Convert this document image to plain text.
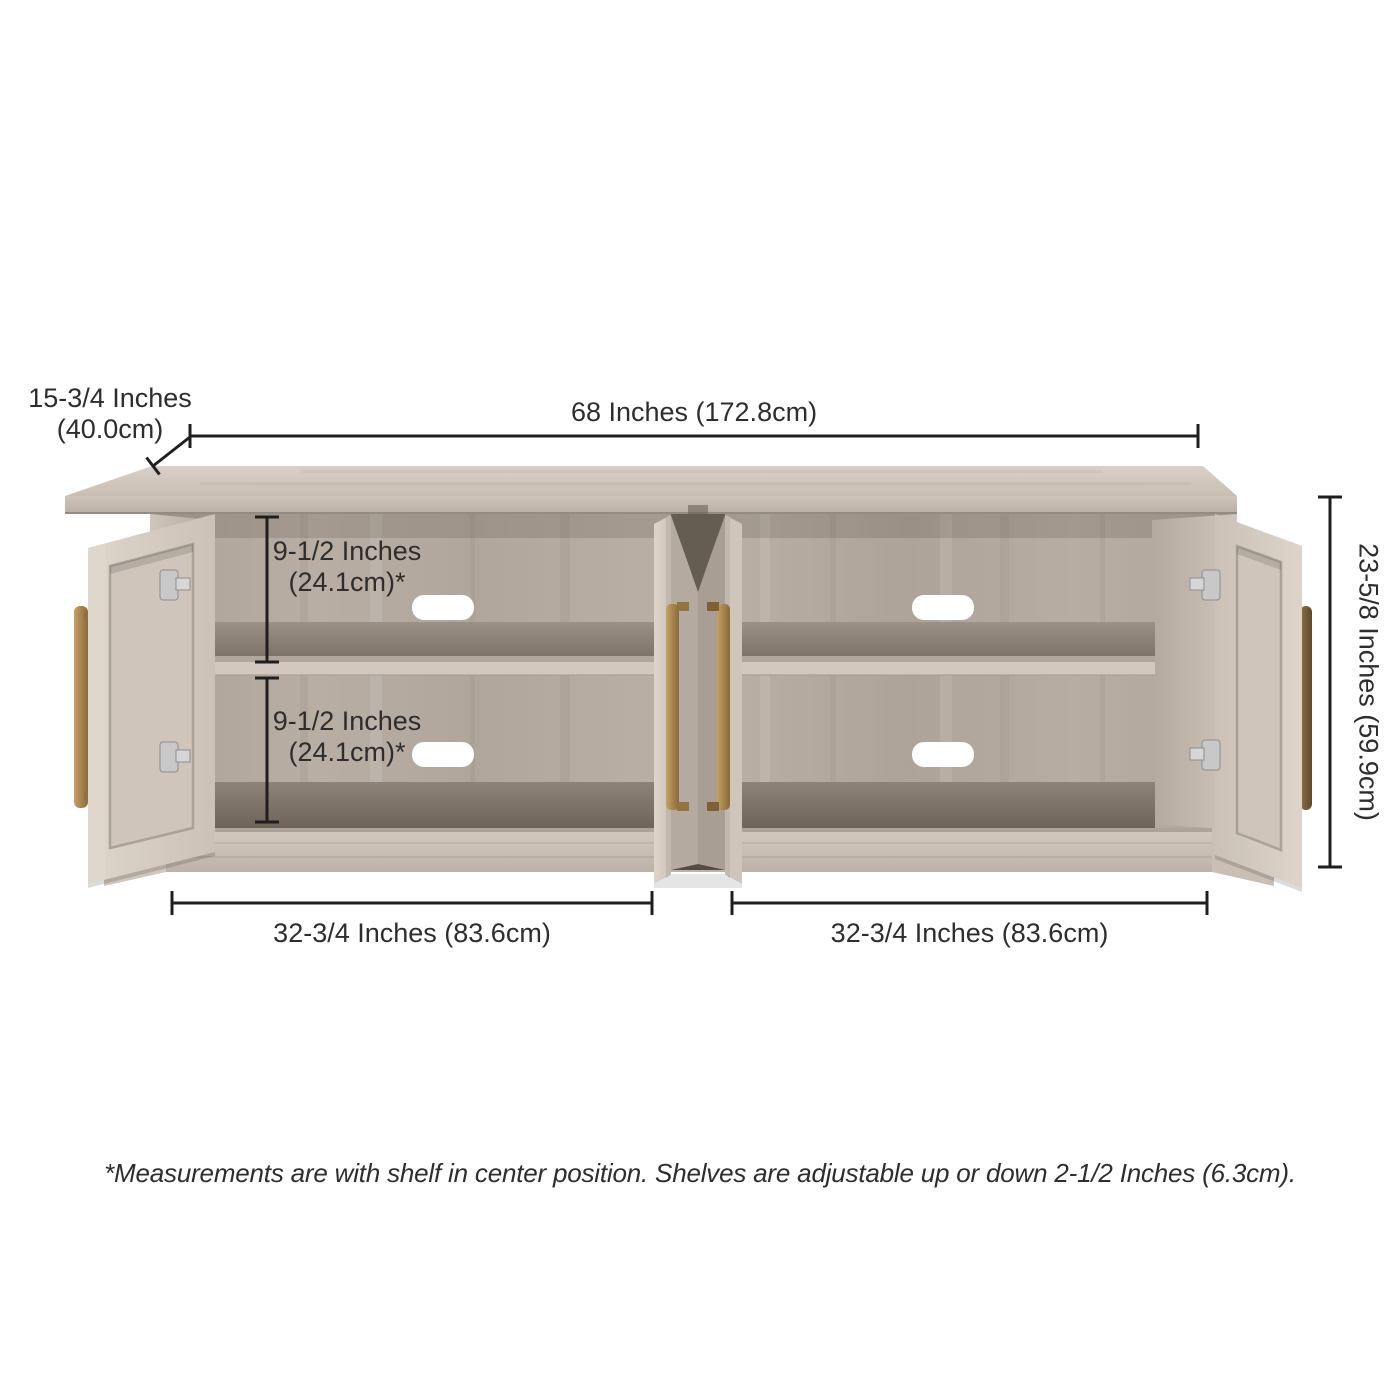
15-3/4 Inches
(40.0cm)
68 Inches (172.8cm)
23-5/8 Inches (59.9cm)
9-1/2 Inches
(24.1cm)*
9-1/2 Inches
(24.1cm)*
32-3/4 Inches (83.6cm)	32-3/4 Inches (83.6cm)
*Measurements are with shelf in center position. Shelves are adjustable up or down 2-1/2 Inches (6.3cm).
